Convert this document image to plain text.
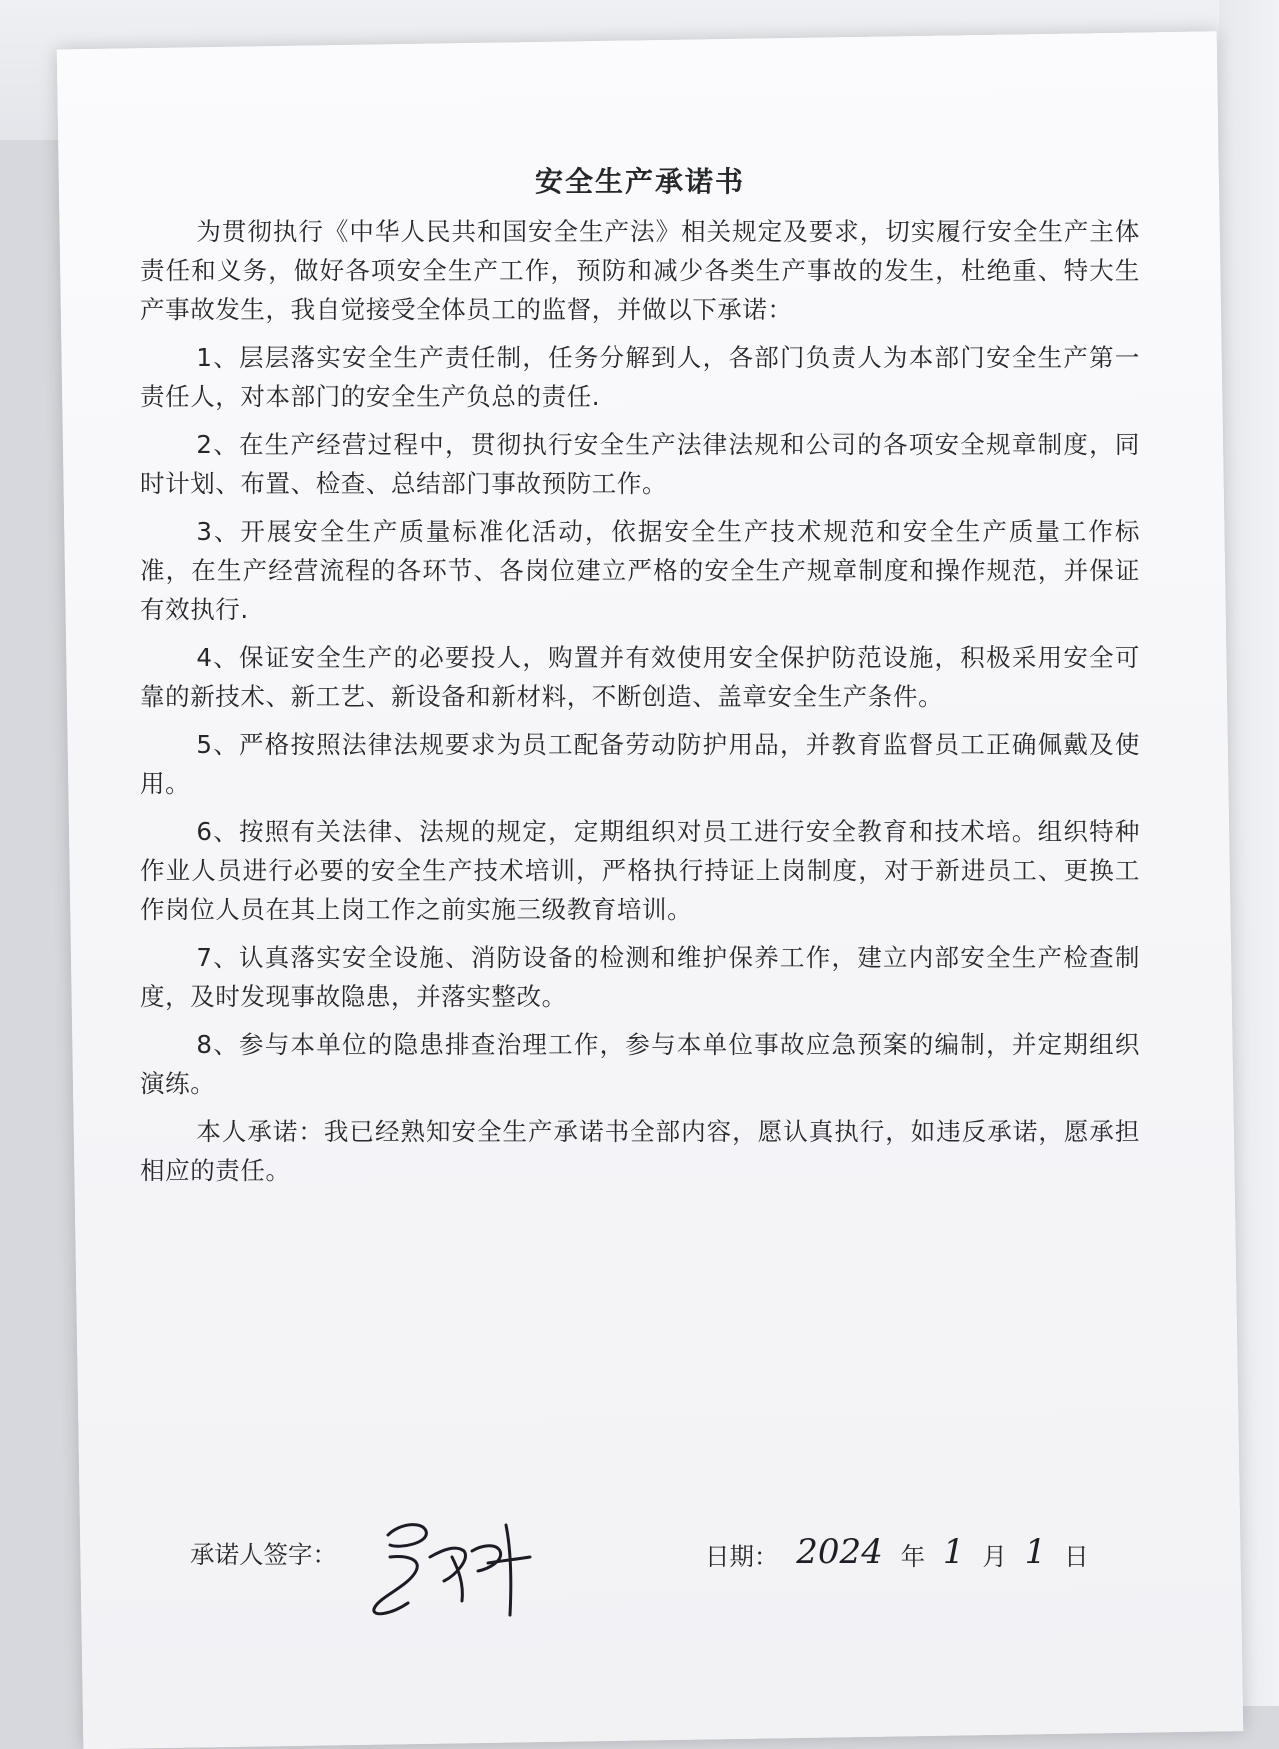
安全生产承诺书

为贯彻执行《中华人民共和国安全生产法》相关规定及要求，切实履行安全生产主体责任和义务，做好各项安全生产工作，预防和减少各类生产事故的发生，杜绝重、特大生产事故发生，我自觉接受全体员工的监督，并做以下承诺：

1、层层落实安全生产责任制，任务分解到人，各部门负责人为本部门安全生产第一责任人，对本部门的安全生产负总的责任.

2、在生产经营过程中，贯彻执行安全生产法律法规和公司的各项安全规章制度，同时计划、布置、检查、总结部门事故预防工作。

3、开展安全生产质量标准化活动，依据安全生产技术规范和安全生产质量工作标准，在生产经营流程的各环节、各岗位建立严格的安全生产规章制度和操作规范，并保证有效执行.

4、保证安全生产的必要投人，购置并有效使用安全保护防范设施，积极采用安全可靠的新技术、新工艺、新设备和新材料，不断创造、盖章安全生产条件。

5、严格按照法律法规要求为员工配备劳动防护用品，并教育监督员工正确佩戴及使用。

6、按照有关法律、法规的规定，定期组织对员工进行安全教育和技术培。组织特种作业人员进行必要的安全生产技术培训，严格执行持证上岗制度，对于新进员工、更换工作岗位人员在其上岗工作之前实施三级教育培训。

7、认真落实安全设施、消防设备的检测和维护保养工作，建立内部安全生产检查制度，及时发现事故隐患，并落实整改。

8、参与本单位的隐患排查治理工作，参与本单位事故应急预案的编制，并定期组织演练。

本人承诺：我已经熟知安全生产承诺书全部内容，愿认真执行，如违反承诺，愿承担相应的责任。

承诺人签字：	日期： 2024 年 1 月 1 日
